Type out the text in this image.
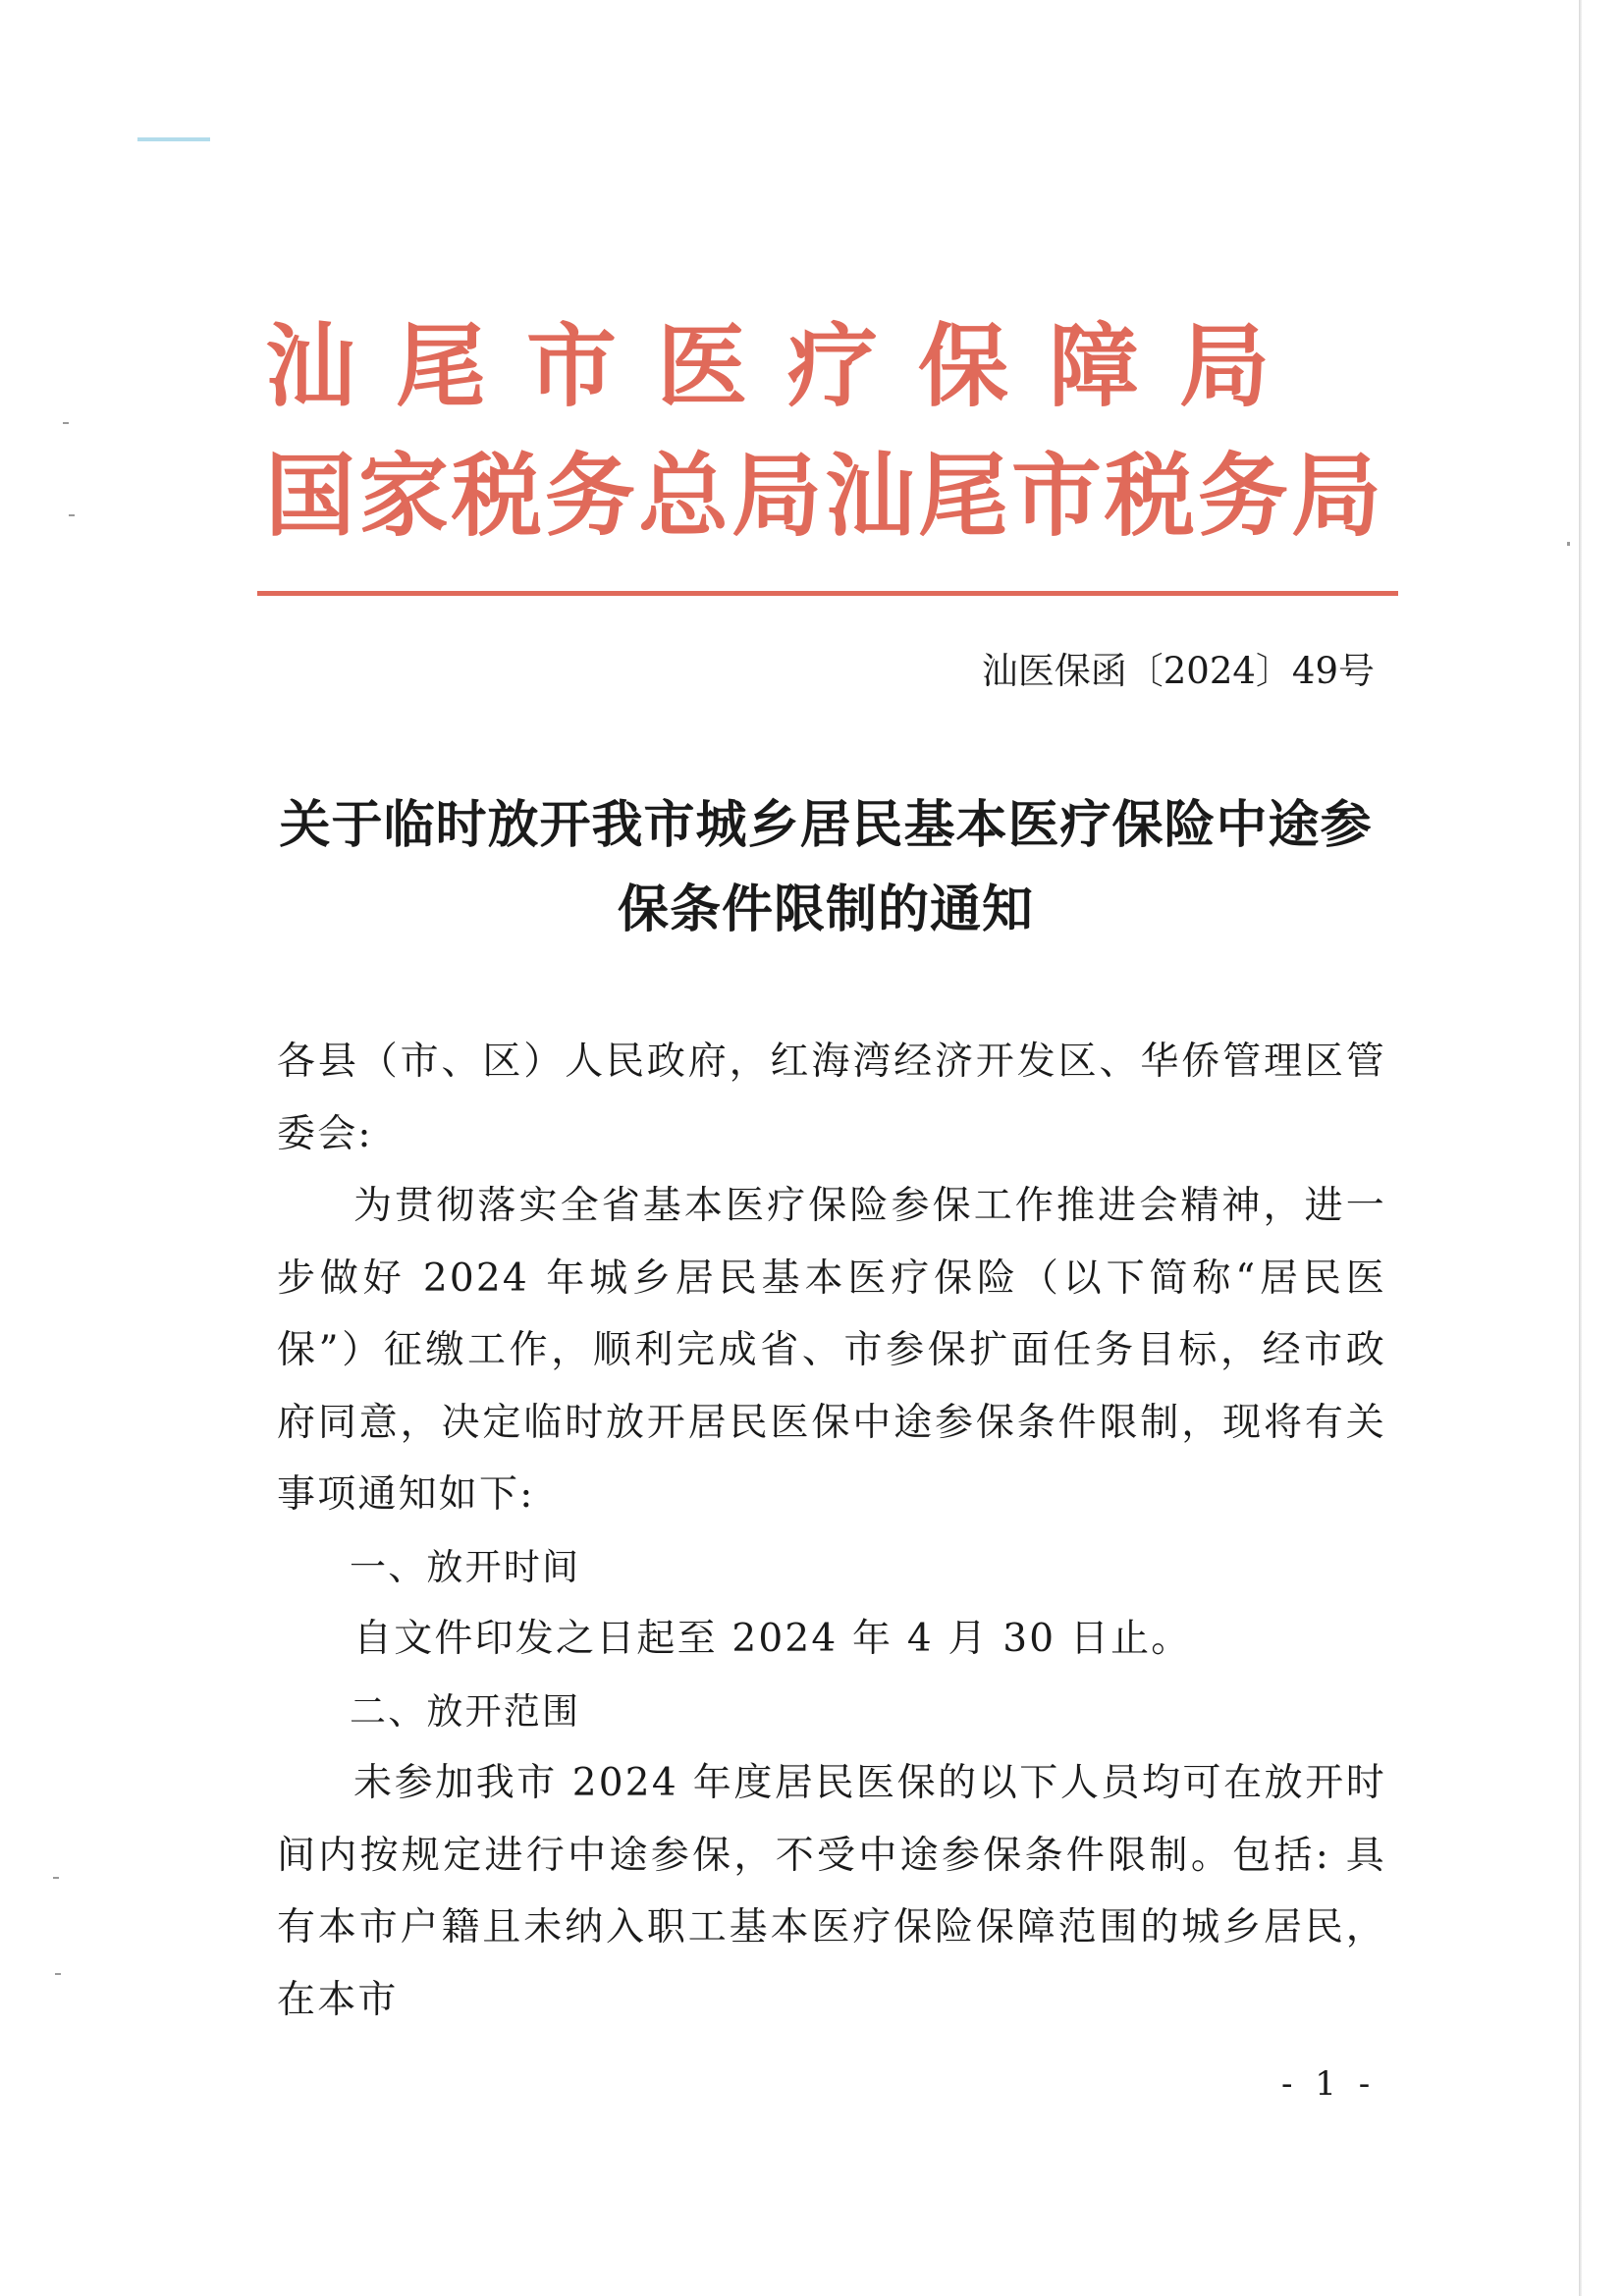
汕尾市医疗保障局
国家税务总局汕尾市税务局
汕医保函〔2024〕49号
关于临时放开我市城乡居民基本医疗保险中途参保条件限制的通知

各县（市、区）人民政府，红海湾经济开发区、华侨管理区管委会:

为贯彻落实全省基本医疗保险参保工作推进会精神，进一步做好 2024 年城乡居民基本医疗保险（以下简称“居民医保”）征缴工作，顺利完成省、市参保扩面任务目标，经市政府同意，决定临时放开居民医保中途参保条件限制，现将有关事项通知如下:

一、放开时间

自文件印发之日起至 2024 年 4 月 30 日止。

二、放开范围

未参加我市 2024 年度居民医保的以下人员均可在放开时间内按规定进行中途参保，不受中途参保条件限制。包括: 具有本市户籍且未纳入职工基本医疗保险保障范围的城乡居民，在本市

- 1 -
